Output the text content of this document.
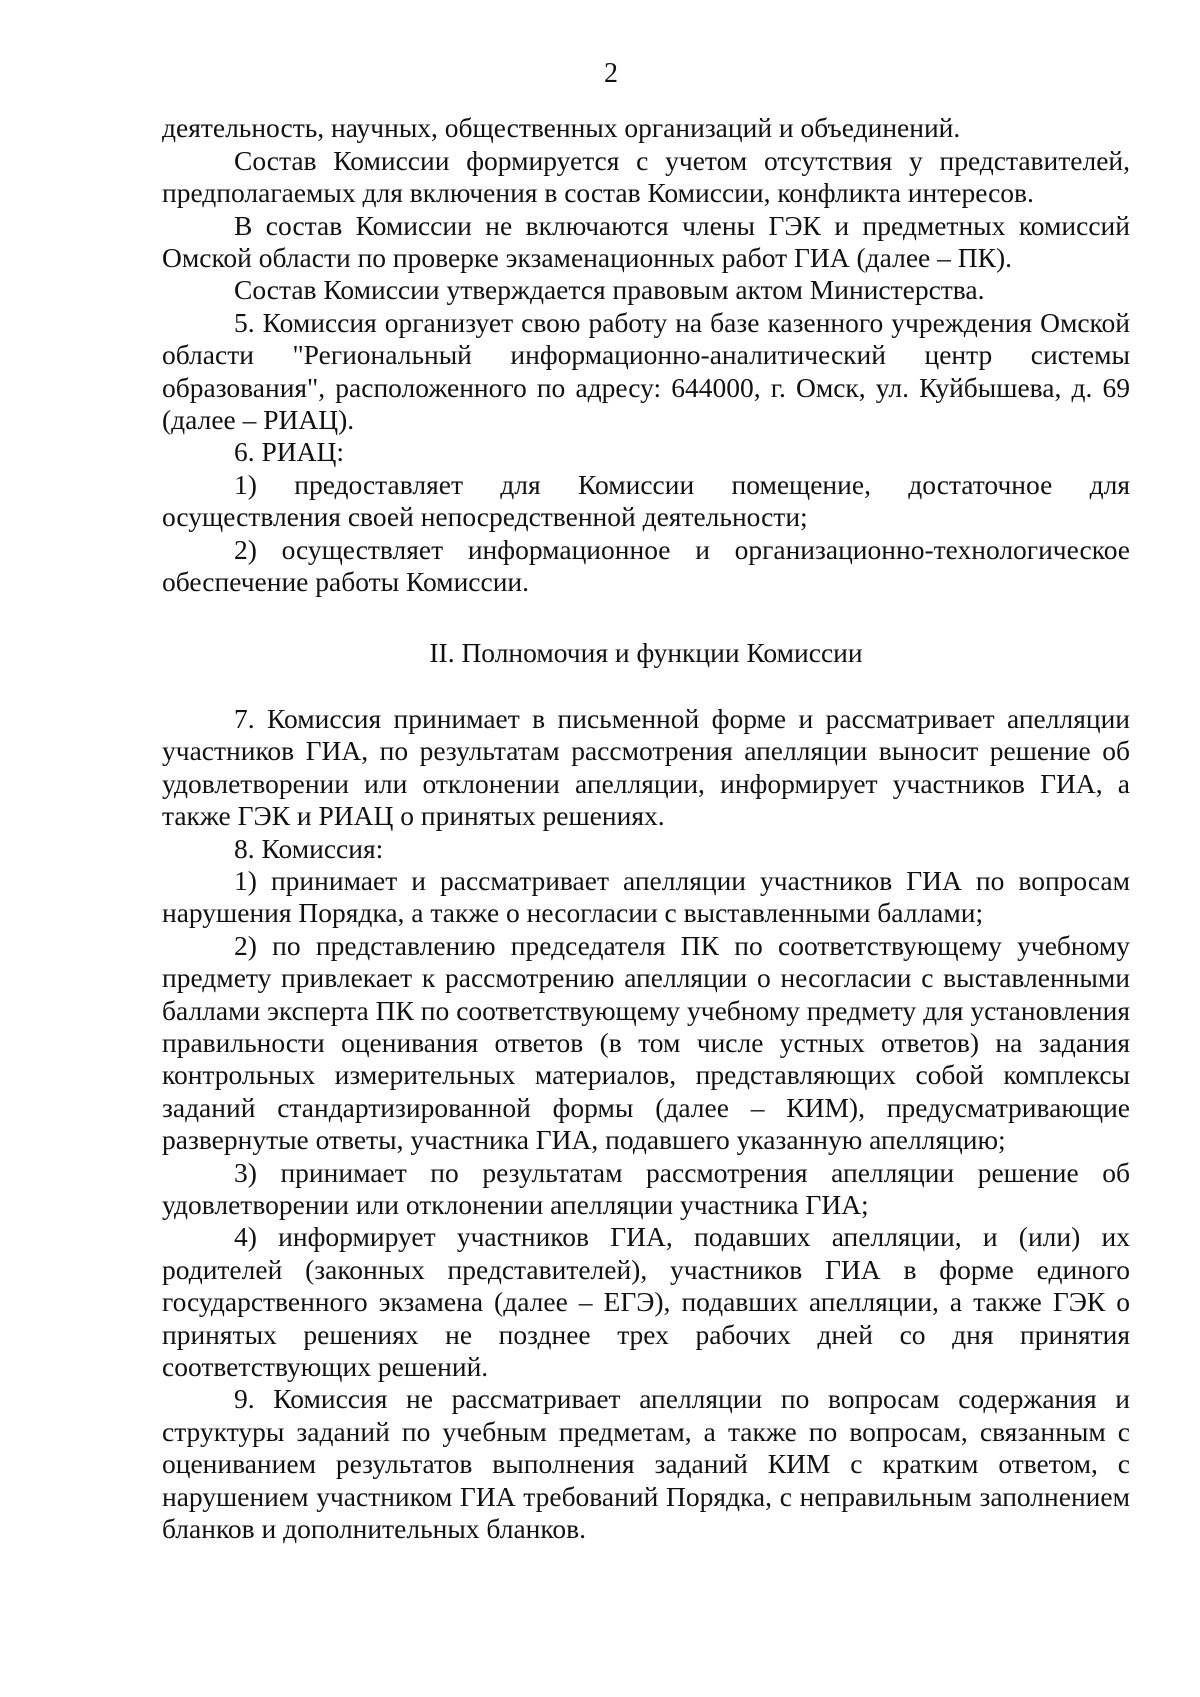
2

деятельность, научных, общественных организаций и объединений.

Состав Комиссии формируется с учетом отсутствия у представителей, предполагаемых для включения в состав Комиссии, конфликта интересов.

В состав Комиссии не включаются члены ГЭК и предметных комиссий Омской области по проверке экзаменационных работ ГИА (далее – ПК).

Состав Комиссии утверждается правовым актом Министерства.

5. Комиссия организует свою работу на базе казенного учреждения Омской области "Региональный информационно-аналитический центр системы образования", расположенного по адресу: 644000, г. Омск, ул. Куйбышева, д. 69 (далее – РИАЦ).

6. РИАЦ:

1) предоставляет для Комиссии помещение, достаточное для осуществления своей непосредственной деятельности;

2) осуществляет информационное и организационно-технологическое обеспечение работы Комиссии.

II. Полномочия и функции Комиссии

7. Комиссия принимает в письменной форме и рассматривает апелляции участников ГИА, по результатам рассмотрения апелляции выносит решение об удовлетворении или отклонении апелляции, информирует участников ГИА, а также ГЭК и РИАЦ о принятых решениях.

8. Комиссия:

1) принимает и рассматривает апелляции участников ГИА по вопросам нарушения Порядка, а также о несогласии с выставленными баллами;

2) по представлению председателя ПК по соответствующему учебному предмету привлекает к рассмотрению апелляции о несогласии с выставленными баллами эксперта ПК по соответствующему учебному предмету для установления правильности оценивания ответов (в том числе устных ответов) на задания контрольных измерительных материалов, представляющих собой комплексы заданий стандартизированной формы (далее – КИМ), предусматривающие развернутые ответы, участника ГИА, подавшего указанную апелляцию;

3) принимает по результатам рассмотрения апелляции решение об удовлетворении или отклонении апелляции участника ГИА;

4) информирует участников ГИА, подавших апелляции, и (или) их родителей (законных представителей), участников ГИА в форме единого государственного экзамена (далее – ЕГЭ), подавших апелляции, а также ГЭК о принятых решениях не позднее трех рабочих дней со дня принятия соответствующих решений.

9. Комиссия не рассматривает апелляции по вопросам содержания и структуры заданий по учебным предметам, а также по вопросам, связанным с оцениванием результатов выполнения заданий КИМ с кратким ответом, с нарушением участником ГИА требований Порядка, с неправильным заполнением бланков и дополнительных бланков.
